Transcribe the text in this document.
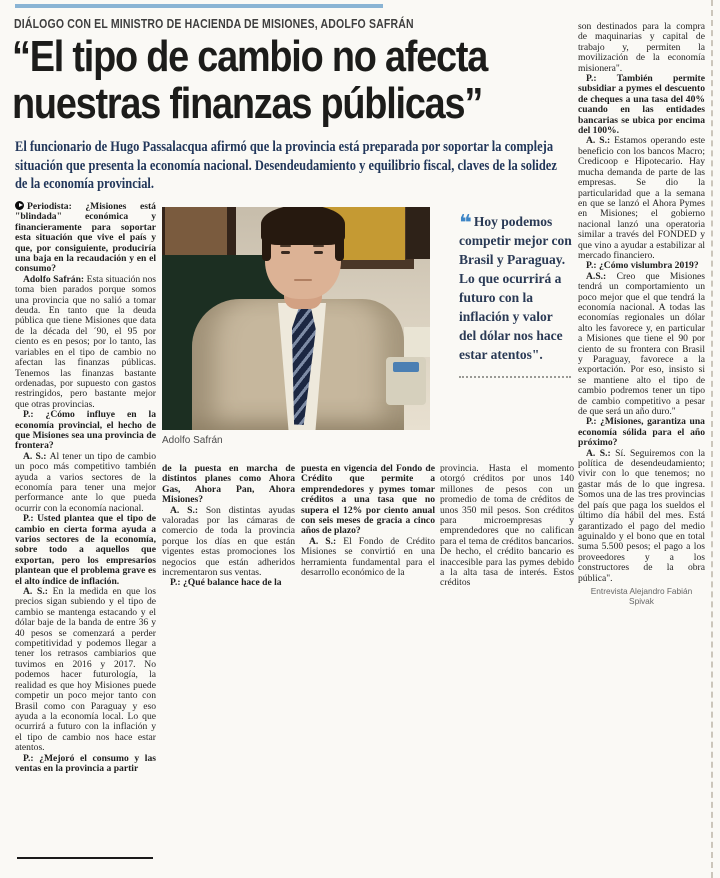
DIÁLOGO CON EL MINISTRO DE HACIENDA DE MISIONES, ADOLFO SAFRÁN
“El tipo de cambio no afecta
nuestras finanzas públicas”
El funcionario de Hugo Passalacqua afirmó que la provincia está preparada por soportar la compleja situación que presenta la economía nacional. Desendeudamiento y equilibrio fiscal, claves de la solidez de la economía provincial.

Periodista: ¿Misiones está "blindada" económica y financieramente para soportar esta situación que vive el país y que, por consiguiente, produciría una baja en la recaudación y en el consumo?

Adolfo Safrán: Esta situación nos toma bien parados porque somos una provincia que no salió a tomar deuda. En tanto que la deuda pública que tiene Misiones que data de la década del ´90, el 95 por ciento es en pesos; por lo tanto, las variables en el tipo de cambio no afectan las finanzas públicas. Tenemos las finanzas bastante ordenadas, por supuesto con gastos restringidos, pero bastante mejor que otras provincias.

P.: ¿Cómo influye en la economía provincial, el hecho de que Misiones sea una provincia de frontera?

A. S.: Al tener un tipo de cambio un poco más competitivo también ayuda a varios sectores de la economía para tener una mejor performance ante lo que pueda ocurrir con la economía nacional.

P.: Usted plantea que el tipo de cambio en cierta forma ayuda a varios sectores de la economía, sobre todo a aquellos que exportan, pero los empresarios plantean que el problema grave es el alto índice de inflación.

A. S.: En la medida en que los precios sigan subiendo y el tipo de cambio se mantenga estacando y el dólar baje de la banda de entre 36 y 40 pesos se comenzará a perder competitividad y podemos llegar a tener los retrasos cambiarios que tuvimos en 2016 y 2017. No podemos hacer futurología, la realidad es que hoy Misiones puede competir un poco mejor tanto con Brasil como con Paraguay y eso ayuda a la economía local. Lo que ocurrirá a futuro con la inflación y el tipo de cambio nos hace estar atentos.

P.: ¿Mejoró el consumo y las ventas en la provincia a partir

Adolfo Safrán
❝ Hoy podemos competir mejor con Brasil y Paraguay. Lo que ocurrirá a futuro con la inflación y valor del dólar nos hace estar atentos".

de la puesta en marcha de distintos planes como Ahora Gas, Ahora Pan, Ahora Misiones?

A. S.: Son distintas ayudas valoradas por las cámaras de comercio de toda la provincia porque los días en que están vigentes estas promociones los negocios que están adheridos incrementaron sus ventas.

P.: ¿Qué balance hace de la

puesta en vigencia del Fondo de Crédito que permite a emprendedores y pymes tomar créditos a una tasa que no supera el 12% por ciento anual con seis meses de gracia a cinco años de plazo?

A. S.: El Fondo de Crédito Misiones se convirtió en una herramienta fundamental para el desarrollo económico de la

provincia. Hasta el momento otorgó créditos por unos 140 millones de pesos con un promedio de toma de créditos de unos 350 mil pesos. Son créditos para microempresas y emprendedores que no califican para el tema de créditos bancarios. De hecho, el crédito bancario es inaccesible para las pymes debido a la alta tasa de interés. Estos créditos

son destinados para la compra de maquinarias y capital de trabajo y, permiten la movilización de la economía misionera".

P.: También permite subsidiar a pymes el descuento de cheques a una tasa del 40% cuando en las entidades bancarias se ubica por encima del 100%.

A. S.: Estamos operando este beneficio con los bancos Macro; Credicoop e Hipotecario. Hay mucha demanda de parte de las empresas. Se dio la particularidad que a la semana en que se lanzó el Ahora Pymes en Misiones; el gobierno nacional lanzó una operatoria similar a través del FONDED y que vino a ayudar a estabilizar al mercado financiero.

P.: ¿Cómo vislumbra 2019?

A.S.: Creo que Misiones tendrá un comportamiento un poco mejor que el que tendrá la economía nacional. A todas las economías regionales un dólar alto les favorece y, en particular a Misiones que tiene el 90 por ciento de su frontera con Brasil y Paraguay, favorece a la exportación. Por eso, insisto si se mantiene alto el tipo de cambio podremos tener un tipo de cambio competitivo a pesar de que será un año duro."

P.: ¿Misiones, garantiza una economía sólida para el año próximo?

A. S.: Sí. Seguiremos con la política de desendeudamiento; vivir con lo que tenemos; no gastar más de lo que ingresa. Somos una de las tres provincias del país que paga los sueldos el último día hábil del mes. Está garantizado el pago del medio aguinaldo y el bono que en total suma 5.500 pesos; el pago a los proveedores y a los constructores de la obra pública".

Entrevista Alejandro Fabián Spivak
